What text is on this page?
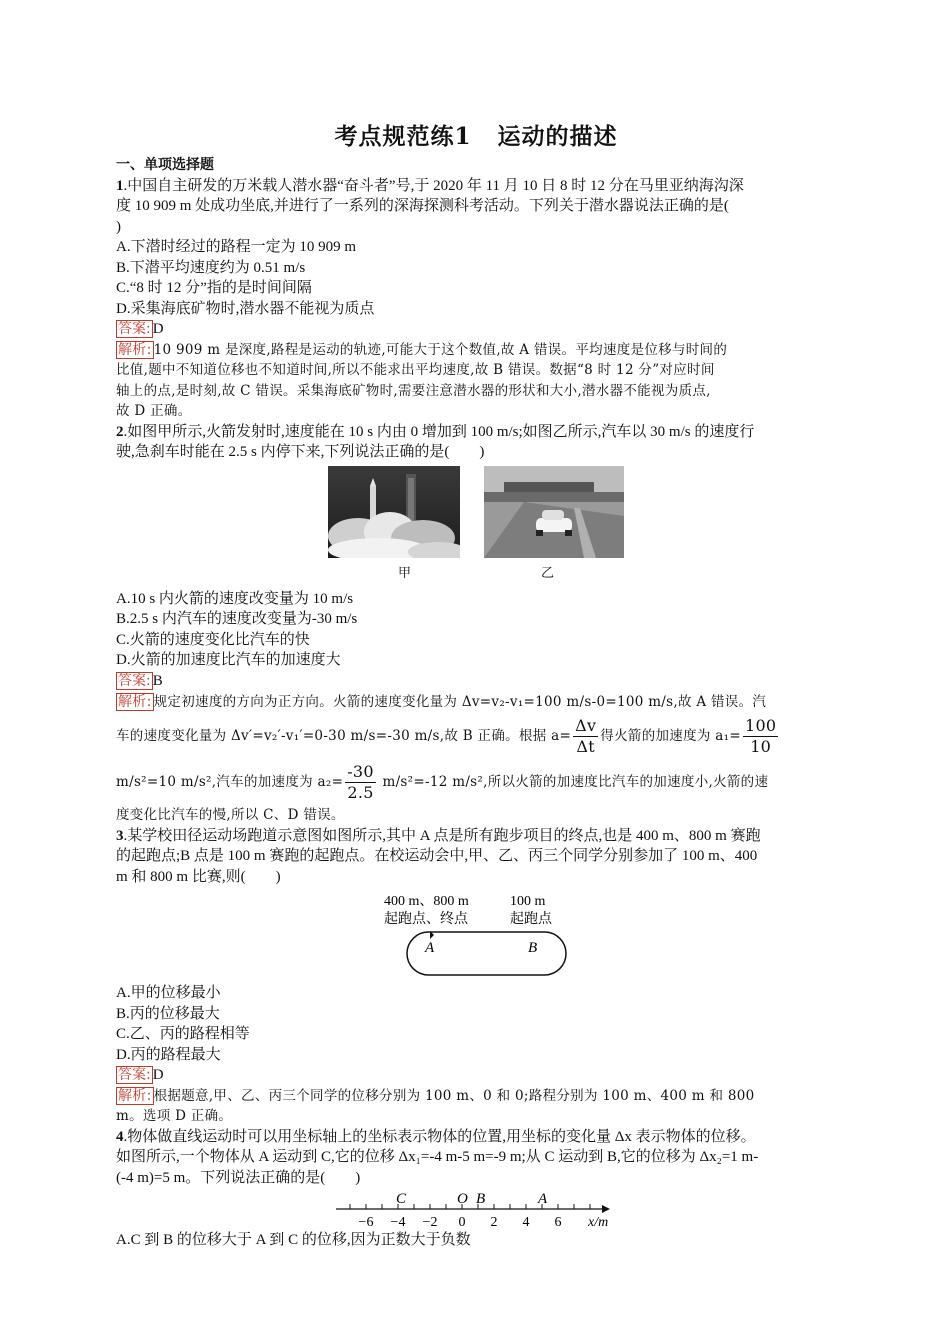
考点规范练1 运动的描述

一、单项选择题

1.中国自主研发的万米载人潜水器“奋斗者”号,于 2020 年 11 月 10 日 8 时 12 分在马里亚纳海沟深

度 10 909 m 处成功坐底,并进行了一系列的深海探测科考活动。下列关于潜水器说法正确的是(

)

A.下潜时经过的路程一定为 10 909 m

B.下潜平均速度约为 0.51 m/s

C.“8 时 12 分”指的是时间间隔

D.采集海底矿物时,潜水器不能视为质点

答案: D

解析: 10 909 m 是深度,路程是运动的轨迹,可能大于这个数值,故 A 错误。平均速度是位移与时间的

比值,题中不知道位移也不知道时间,所以不能求出平均速度,故 B 错误。数据“8 时 12 分”对应时间

轴上的点,是时刻,故 C 错误。采集海底矿物时,需要注意潜水器的形状和大小,潜水器不能视为质点,

故 D 正确。

2.如图甲所示,火箭发射时,速度能在 10 s 内由 0 增加到 100 m/s;如图乙所示,汽车以 30 m/s 的速度行

驶,急刹车时能在 2.5 s 内停下来,下列说法正确的是(　　)

甲	乙

A.10 s 内火箭的速度改变量为 10 m/s

B.2.5 s 内汽车的速度改变量为-30 m/s

C.火箭的速度变化比汽车的快

D.火箭的加速度比汽车的加速度大

答案: B

解析: 规定初速度的方向为正方向。火箭的速度变化量为 Δv=v₂-v₁=100 m/s-0=100 m/s,故 A 错误。汽

车的速度变化量为 Δv′=v₂′-v₁′=0-30 m/s=-30 m/s,故 B 正确。根据 $a= \frac{\Delta v}{\Delta t}$ 得火箭的加速度为 $a_1= \frac{100}{10}$

m/s²=10 m/s²,汽车的加速度为 $a_2= \frac{-30}{2.5} m/s^2=-12$ m/s²,所以火箭的加速度比汽车的加速度小,火箭的速

度变化比汽车的慢,所以 C、D 错误。

3.某学校田径运动场跑道示意图如图所示,其中 A 点是所有跑步项目的终点,也是 400 m、800 m 赛跑

的起跑点;B 点是 100 m 赛跑的起跑点。在校运动会中,甲、乙、丙三个同学分别参加了 100 m、400

m 和 800 m 比赛,则(　　)

400 m、800 m
起跑点、终点
100 m
起跑点
A	B

A.甲的位移最小

B.丙的位移最大

C.乙、丙的路程相等

D.丙的路程最大

答案: D

解析: 根据题意,甲、乙、丙三个同学的位移分别为 100 m、0 和 0;路程分别为 100 m、400 m 和 800

m。选项 D 正确。

4.物体做直线运动时可以用坐标轴上的坐标表示物体的位置,用坐标的变化量 Δx 表示物体的位移。

如图所示,一个物体从 A 运动到 C,它的位移 Δx₁=-4 m-5 m=-9 m;从 C 运动到 B,它的位移为 Δx₂=1 m-

(-4 m)=5 m。下列说法正确的是(　　)

C	O B	A
−6 −4 −2 0 2 4 6 x/m

A.C 到 B 的位移大于 A 到 C 的位移,因为正数大于负数
